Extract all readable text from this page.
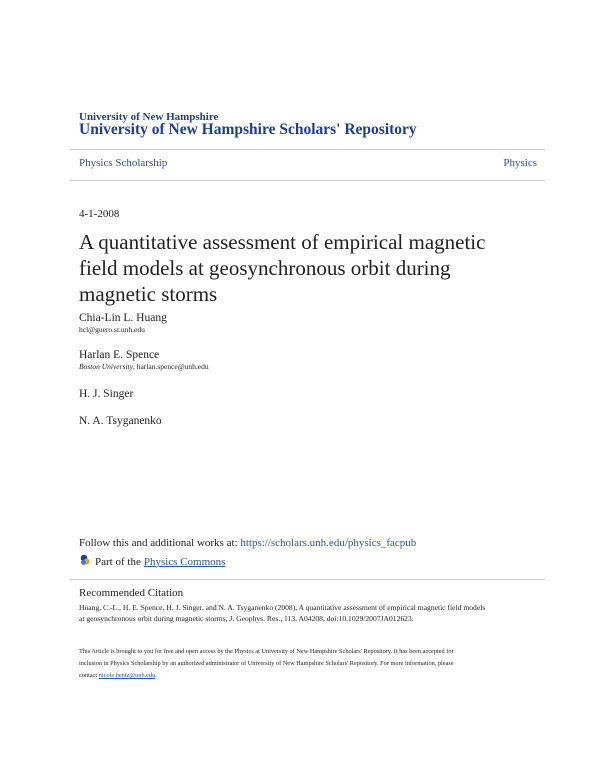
University of New Hampshire
University of New Hampshire Scholars' Repository
Physics Scholarship	Physics
4-1-2008
A quantitative assessment of empirical magnetic
field models at geosynchronous orbit during
magnetic storms
Chia-Lin L. Huang
hcl@guero.sr.unh.edu
Harlan E. Spence
Boston University, harlan.spence@unh.edu
H. J. Singer
N. A. Tsyganenko
Follow this and additional works at: https://scholars.unh.edu/physics_facpub
Part of the Physics Commons
Recommended Citation
Huang, C.-L., H. E. Spence, H. J. Singer, and N. A. Tsyganenko (2008), A quantitative assessment of empirical magnetic field models
at geosynchronous orbit during magnetic storms, J. Geophys. Res., 113, A04208, doi:10.1029/2007JA012623.
This Article is brought to you for free and open access by the Physics at University of New Hampshire Scholars' Repository. It has been accepted for
inclusion in Physics Scholarship by an authorized administrator of University of New Hampshire Scholars' Repository. For more information, please
contact nicole.hentz@unh.edu.
